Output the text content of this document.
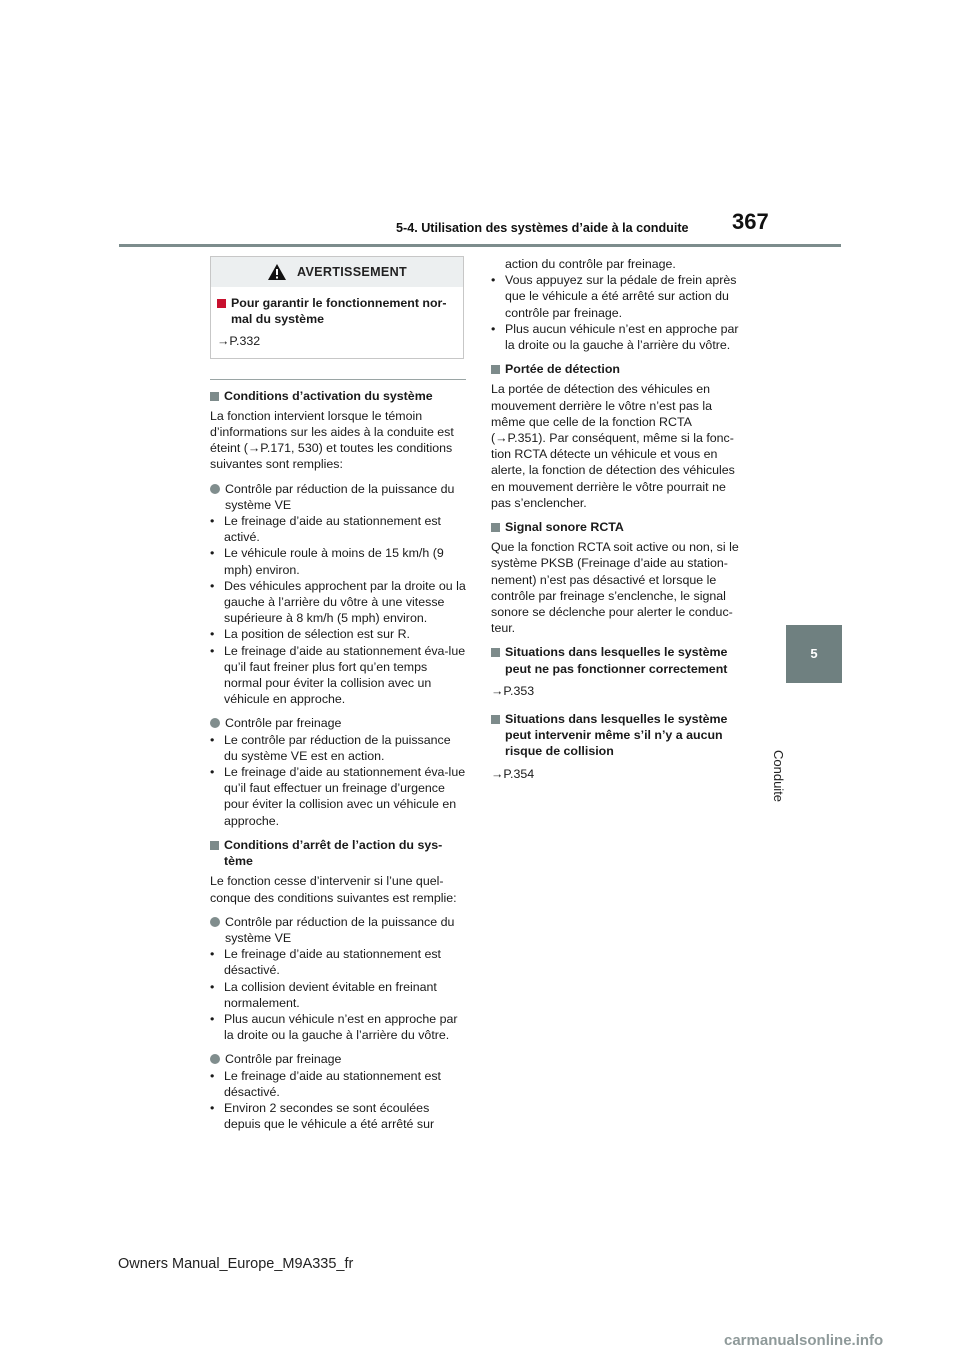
367
5-4. Utilisation des systèmes d’aide à la conduite
5
Conduite
AVERTISSEMENT
Pour garantir le fonctionnement nor-mal du système
→P.332
Conditions d’activation du système
La fonction intervient lorsque le témoin d’informations sur les aides à la conduite est éteint (→P.171, 530) et toutes les conditions suivantes sont remplies:
Contrôle par réduction de la puissance du système VE
• Le freinage d’aide au stationnement est activé.
• Le véhicule roule à moins de 15 km/h (9 mph) environ.
• Des véhicules approchent par la droite ou la gauche à l’arrière du vôtre à une vitesse supérieure à 8 km/h (5 mph) environ.
• La position de sélection est sur R.
• Le freinage d’aide au stationnement éva-lue qu’il faut freiner plus fort qu’en temps normal pour éviter la collision avec un véhicule en approche.
Contrôle par freinage
• Le contrôle par réduction de la puissance du système VE est en action.
• Le freinage d’aide au stationnement éva-lue qu’il faut effectuer un freinage d’urgence pour éviter la collision avec un véhicule en approche.
Conditions d’arrêt de l’action du sys-tème
Le fonction cesse d’intervenir si l’une quel-conque des conditions suivantes est remplie:
Contrôle par réduction de la puissance du système VE
• Le freinage d’aide au stationnement est désactivé.
• La collision devient évitable en freinant normalement.
• Plus aucun véhicule n’est en approche par la droite ou la gauche à l’arrière du vôtre.
Contrôle par freinage
• Le freinage d’aide au stationnement est désactivé.
• Environ 2 secondes se sont écoulées depuis que le véhicule a été arrêté sur
action du contrôle par freinage.
• Vous appuyez sur la pédale de frein après que le véhicule a été arrêté sur action du contrôle par freinage.
• Plus aucun véhicule n’est en approche par la droite ou la gauche à l’arrière du vôtre.
Portée de détection
La portée de détection des véhicules en mouvement derrière le vôtre n’est pas la même que celle de la fonction RCTA (→P.351). Par conséquent, même si la fonc-tion RCTA détecte un véhicule et vous en alerte, la fonction de détection des véhicules en mouvement derrière le vôtre pourrait ne pas s’enclencher.
Signal sonore RCTA
Que la fonction RCTA soit active ou non, si le système PKSB (Freinage d’aide au station-nement) n’est pas désactivé et lorsque le contrôle par freinage s’enclenche, le signal sonore se déclenche pour alerter le conduc-teur.
Situations dans lesquelles le système peut ne pas fonctionner correctement
→P.353
Situations dans lesquelles le système peut intervenir même s’il n’y a aucun risque de collision
→P.354
Owners Manual_Europe_M9A335_fr
carmanualsonline.info
